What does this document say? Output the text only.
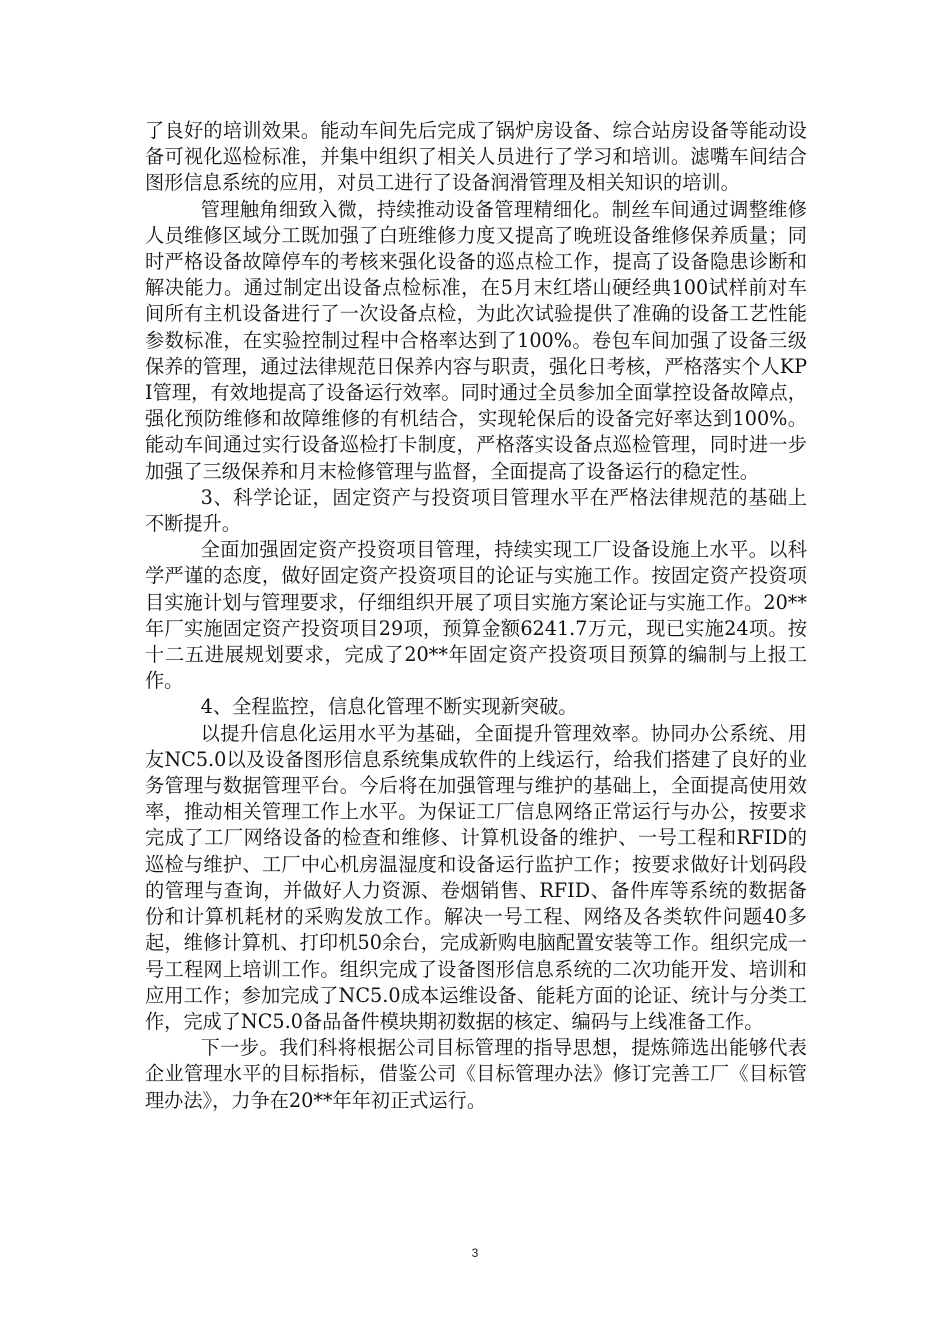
了良好的培训效果。能动车间先后完成了锅炉房设备、综合站房设备等能动设备可视化巡检标准，并集中组织了相关人员进行了学习和培训。滤嘴车间结合图形信息系统的应用，对员工进行了设备润滑管理及相关知识的培训。

管理触角细致入微，持续推动设备管理精细化。制丝车间通过调整维修人员维修区域分工既加强了白班维修力度又提高了晚班设备维修保养质量；同时严格设备故障停车的考核来强化设备的巡点检工作，提高了设备隐患诊断和解决能力。通过制定出设备点检标准，在5月末红塔山硬经典100试样前对车间所有主机设备进行了一次设备点检，为此次试验提供了准确的设备工艺性能参数标准，在实验控制过程中合格率达到了100%。卷包车间加强了设备三级保养的管理，通过法律规范日保养内容与职责，强化日考核，严格落实个人KPI管理，有效地提高了设备运行效率。同时通过全员参加全面掌控设备故障点，强化预防维修和故障维修的有机结合，实现轮保后的设备完好率达到100%。能动车间通过实行设备巡检打卡制度，严格落实设备点巡检管理，同时进一步加强了三级保养和月末检修管理与监督，全面提高了设备运行的稳定性。

3、科学论证，固定资产与投资项目管理水平在严格法律规范的基础上不断提升。

全面加强固定资产投资项目管理，持续实现工厂设备设施上水平。以科学严谨的态度，做好固定资产投资项目的论证与实施工作。按固定资产投资项目实施计划与管理要求，仔细组织开展了项目实施方案论证与实施工作。20**年厂实施固定资产投资项目29项，预算金额6241.7万元，现已实施24项。按十二五进展规划要求，完成了20**年固定资产投资项目预算的编制与上报工作。

4、全程监控，信息化管理不断实现新突破。

以提升信息化运用水平为基础，全面提升管理效率。协同办公系统、用友NC5.0以及设备图形信息系统集成软件的上线运行，给我们搭建了良好的业务管理与数据管理平台。今后将在加强管理与维护的基础上，全面提高使用效率，推动相关管理工作上水平。为保证工厂信息网络正常运行与办公，按要求完成了工厂网络设备的检查和维修、计算机设备的维护、一号工程和RFID的巡检与维护、工厂中心机房温湿度和设备运行监护工作；按要求做好计划码段的管理与查询，并做好人力资源、卷烟销售、RFID、备件库等系统的数据备份和计算机耗材的采购发放工作。解决一号工程、网络及各类软件问题40多起，维修计算机、打印机50余台，完成新购电脑配置安装等工作。组织完成一号工程网上培训工作。组织完成了设备图形信息系统的二次功能开发、培训和应用工作；参加完成了NC5.0成本运维设备、能耗方面的论证、统计与分类工作，完成了NC5.0备品备件模块期初数据的核定、编码与上线准备工作。

下一步。我们科将根据公司目标管理的指导思想，提炼筛选出能够代表企业管理水平的目标指标，借鉴公司《目标管理办法》修订完善工厂《目标管理办法》，力争在20**年年初正式运行。

3
